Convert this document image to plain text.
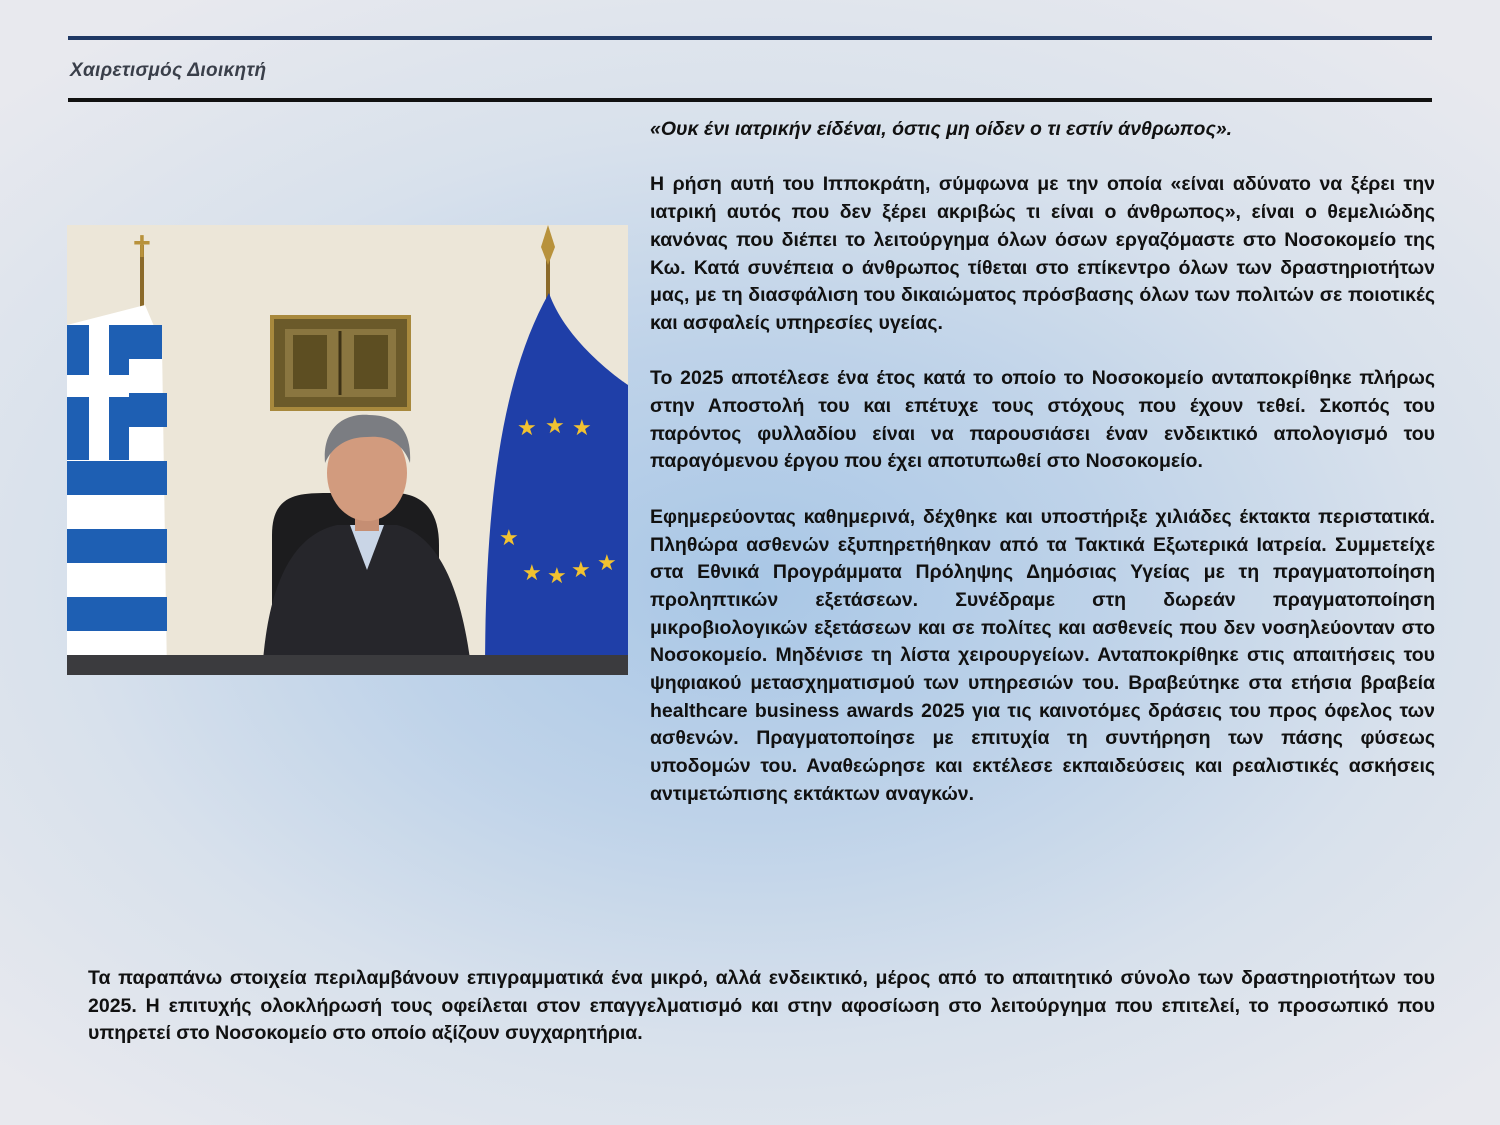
Χαιρετισμός Διοικητή
✝
★ ★ ★
★
★ ★ ★ ★

«Ουκ ένι ιατρικήν είδέναι, όστις μη οίδεν ο τι εστίν άνθρωπος».

Η ρήση αυτή του Ιπποκράτη, σύμφωνα με την οποία «είναι αδύνατο να ξέρει την ιατρική αυτός που δεν ξέρει ακριβώς τι είναι ο άνθρωπος», είναι ο θεμελιώδης κανόνας που διέπει το λειτούργημα όλων όσων εργαζόμαστε στο Νοσοκομείο της Κω. Κατά συνέπεια ο άνθρωπος τίθεται στο επίκεντρο όλων των δραστηριοτήτων μας, με τη διασφάλιση του δικαιώματος πρόσβασης όλων των πολιτών σε ποιοτικές και ασφαλείς υπηρεσίες υγείας.

Το 2025 αποτέλεσε ένα έτος κατά το οποίο το Νοσοκομείο ανταποκρίθηκε πλήρως στην Αποστολή του και επέτυχε τους στόχους που έχουν τεθεί. Σκοπός του παρόντος φυλλαδίου είναι να παρουσιάσει έναν ενδεικτικό απολογισμό του παραγόμενου έργου που έχει αποτυπωθεί στο Νοσοκομείο.

Εφημερεύοντας καθημερινά, δέχθηκε και υποστήριξε χιλιάδες έκτακτα περιστατικά. Πληθώρα ασθενών εξυπηρετήθηκαν από τα Τακτικά Εξωτερικά Ιατρεία. Συμμετείχε στα Εθνικά Προγράμματα Πρόληψης Δημόσιας Υγείας με τη πραγματοποίηση προληπτικών εξετάσεων. Συνέδραμε στη δωρεάν πραγματοποίηση μικροβιολογικών εξετάσεων και σε πολίτες και ασθενείς που δεν νοσηλεύονταν στο Νοσοκομείο. Μηδένισε τη λίστα χειρουργείων. Ανταποκρίθηκε στις απαιτήσεις του ψηφιακού μετασχηματισμού των υπηρεσιών του. Βραβεύτηκε στα ετήσια βραβεία healthcare business awards 2025 για τις καινοτόμες δράσεις του προς όφελος των ασθενών. Πραγματοποίησε με επιτυχία τη συντήρηση των πάσης φύσεως υποδομών του. Αναθεώρησε και εκτέλεσε εκπαιδεύσεις και ρεαλιστικές ασκήσεις αντιμετώπισης εκτάκτων αναγκών.

Τα παραπάνω στοιχεία περιλαμβάνουν επιγραμματικά ένα μικρό, αλλά ενδεικτικό, μέρος από το απαιτητικό σύνολο των δραστηριοτήτων του 2025. Η επιτυχής ολοκλήρωσή τους οφείλεται στον επαγγελματισμό και στην αφοσίωση στο λειτούργημα που επιτελεί, το προσωπικό που υπηρετεί στο Νοσοκομείο στο οποίο αξίζουν συγχαρητήρια.
